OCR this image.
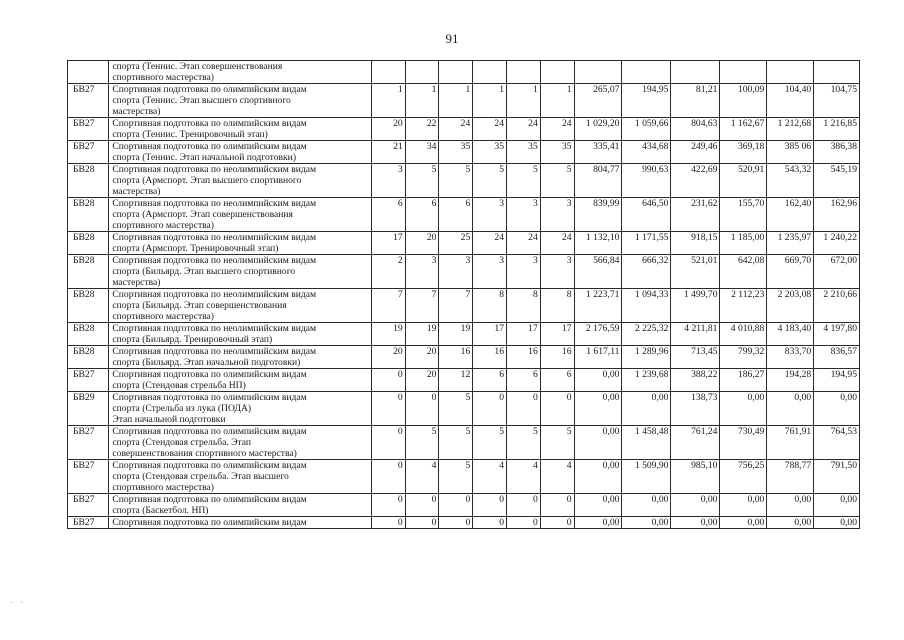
91

	спорта (Теннис. Этап совершенствования
спортивного мастерства)												

БВ27	Спортивная подготовка по олимпийским видам
спорта (Теннис. Этап высшего спортивного
мастерства)	1	1	1	1	1	1	265,07	194,95	81,21	100,09	104,40	104,75
БВ27	Спортивная подготовка по олимпийским видам
спорта (Теннис. Тренировочный этап)	20	22	24	24	24	24	1 029,20	1 059,66	804,63	1 162,67	1 212,68	1 216,85
БВ27	Спортивная подготовка по олимпийским видам
спорта (Теннис. Этап начальной подготовки)	21	34	35	35	35	35	335,41	434,68	249,46	369,18	385 06	386,38
БВ28	Спортивная подготовка по неолимпийским видам
спорта (Армспорт. Этап высшего спортивного
мастерства)	3	5	5	5	5	5	804,77	990,63	422,69	520,91	543,32	545,19
БВ28	Спортивная подготовка по неолимпийским видам
спорта (Армспорт. Этап совершенствования
спортивного мастерства)	6	6	6	3	3	3	839,99	646,50	231,62	155,70	162,40	162,96
БВ28	Спортивная подготовка по неолимпийским видам
спорта (Армспорт. Тренировочный этап)	17	20	25	24	24	24	1 132,10	1 171,55	918,15	1 185,00	1 235,97	1 240,22
БВ28	Спортивная подготовка по неолимпийским видам
спорта (Бильярд. Этап высшего спортивного
мастерства)	2	3	3	3	3	3	566,84	666,32	521,01	642,08	669,70	672,00
БВ28	Спортивная подготовка по неолимпийским видам
спорта (Бильярд. Этап совершенствования
спортивного мастерства)	7	7	7	8	8	8	1 223,71	1 094,33	1 499,70	2 112,23	2 203,08	2 210,66
БВ28	Спортивная подготовка по неолимпийским видам
спорта (Бильярд. Тренировочный этап)	19	19	19	17	17	17	2 176,59	2 225,32	4 211,81	4 010,88	4 183,40	4 197,80
БВ28	Спортивная подготовка по неолимпийским видам
спорта (Бильярд. Этап начальной подготовки)	20	20	16	16	16	16	1 617,11	1 289,96	713,45	799,32	833,70	836,57
БВ27	Спортивная подготовка по олимпийским видам
спорта (Стендовая стрельба НП)	0	20	12	6	6	6	0,00	1 239,68	388,22	186,27	194,28	194,95
БВ29	Спортивная подготовка по олимпийским видам
спорта (Стрельба из лука (ПОДА)
Этап начальной подготовки	0	0	5	0	0	0	0,00	0,00	138,73	0,00	0,00	0,00
БВ27	Спортивная подготовка по олимпийским видам
спорта (Стендовая стрельба. Этап
совершенствования спортивного мастерства)	0	5	5	5	5	5	0,00	1 458,48	761,24	730,49	761,91	764,53
БВ27	Спортивная подготовка по олимпийским видам
спорта (Стендовая стрельба. Этап высшего
спортивного мастерства)	0	4	5	4	4	4	0,00	1 509,90	985,10	756,25	788,77	791,50
БВ27	Спортивная подготовка по олимпийским видам
спорта (Баскетбол. НП)	0	0	0	0	0	0	0,00	0,00	0,00	0,00	0,00	0,00
БВ27	Спортивная подготовка по олимпийским видам	0	0	0	0	0	0	0,00	0,00	0,00	0,00	0,00	0,00
· ·
